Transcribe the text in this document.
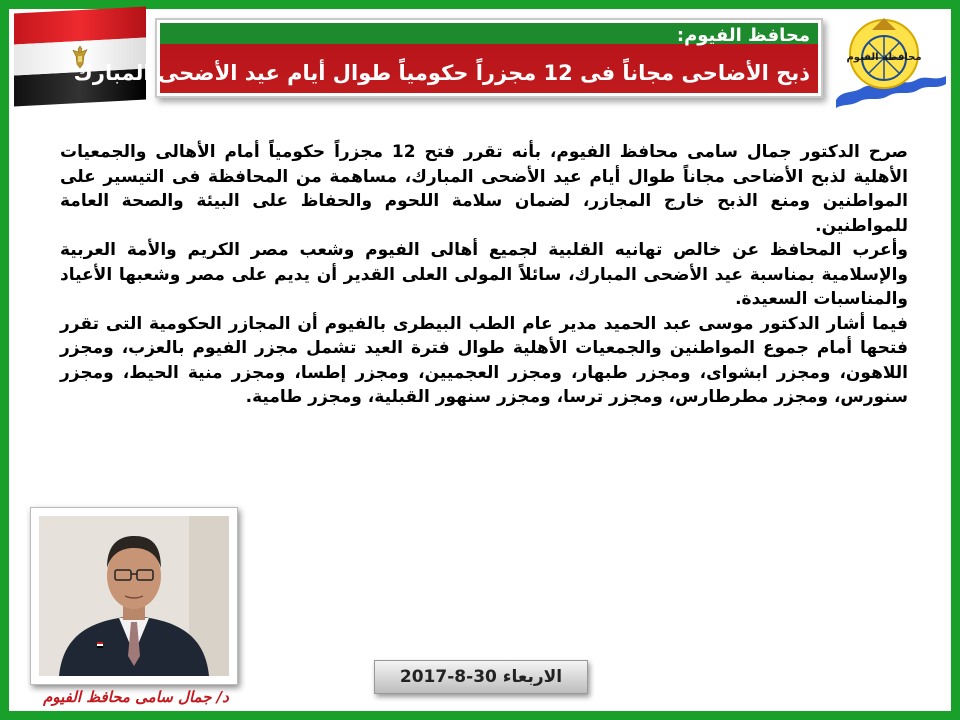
محافظ الفيوم:
ذبح الأضاحى مجاناً فى 12 مجزراً حكومياً طوال أيام عيد الأضحى المبارك
محافظة الفيوم

صرح الدكتور جمال سامى محافظ الفيوم، بأنه تقرر فتح 12 مجزراً حكومياً أمام الأهالى والجمعيات الأهلية لذبح الأضاحى مجاناً طوال أيام عيد الأضحى المبارك، مساهمة من المحافظة فى التيسير على المواطنين ومنع الذبح خارج المجازر، لضمان سلامة اللحوم والحفاظ على البيئة والصحة العامة للمواطنين.

وأعرب المحافظ عن خالص تهانيه القلبية لجميع أهالى الفيوم وشعب مصر الكريم والأمة العربية والإسلامية بمناسبة عيد الأضحى المبارك، سائلاً المولى العلى القدير أن يديم على مصر وشعبها الأعياد والمناسبات السعيدة.

فيما أشار الدكتور موسى عبد الحميد مدير عام الطب البيطرى بالفيوم أن المجازر الحكومية التى تقرر فتحها أمام جموع المواطنين والجمعيات الأهلية طوال فترة العيد تشمل مجزر الفيوم بالعزب، ومجزر اللاهون، ومجزر ابشواى، ومجزر طبهار، ومجزر العجميين، ومجزر إطسا، ومجزر منية الحيط، ومجزر سنورس، ومجزر مطرطارس، ومجزر ترسا، ومجزر سنهور القبلية، ومجزر طامية.

د/ جمال سامى محافظ الفيوم
الاربعاء 30-8-2017
